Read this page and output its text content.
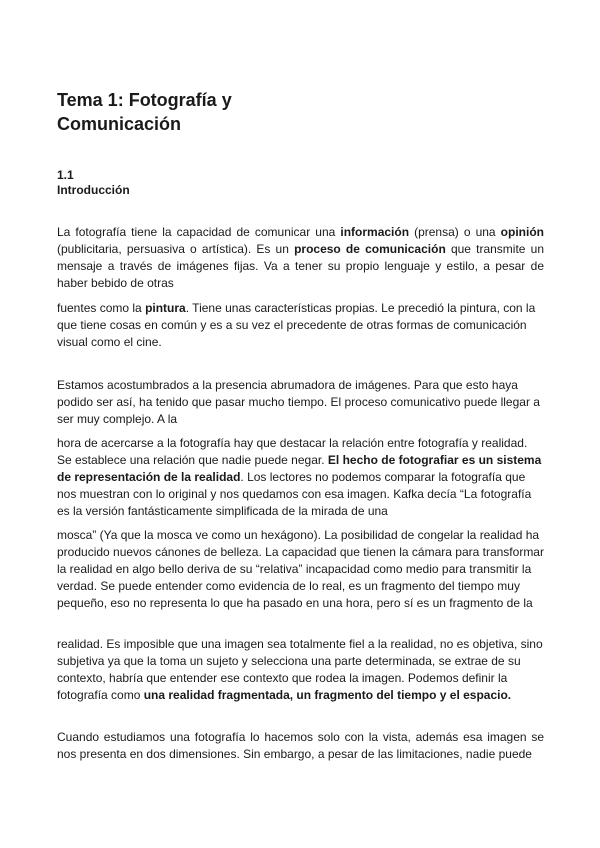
Tema 1: Fotografía y Comunicación
1.1
Introducción

La fotografía tiene la capacidad de comunicar una información (prensa) o una opinión (publicitaria, persuasiva o artística). Es un proceso de comunicación que transmite un mensaje a través de imágenes fijas. Va a tener su propio lenguaje y estilo, a pesar de haber bebido de otras

fuentes como la pintura. Tiene unas características propias. Le precedió la pintura, con la que tiene cosas en común y es a su vez el precedente de otras formas de comunicación visual como el cine.

Estamos acostumbrados a la presencia abrumadora de imágenes. Para que esto haya podido ser así, ha tenido que pasar mucho tiempo. El proceso comunicativo puede llegar a ser muy complejo. A la

hora de acercarse a la fotografía hay que destacar la relación entre fotografía y realidad. Se establece una relación que nadie puede negar. El hecho de fotografiar es un sistema de representación de la realidad. Los lectores no podemos comparar la fotografía que nos muestran con lo original y nos quedamos con esa imagen. Kafka decía “La fotografía es la versión fantásticamente simplificada de la mirada de una

mosca” (Ya que la mosca ve como un hexágono). La posibilidad de congelar la realidad ha producido nuevos cánones de belleza. La capacidad que tienen la cámara para transformar la realidad en algo bello deriva de su “relativa” incapacidad como medio para transmitir la verdad. Se puede entender como evidencia de lo real, es un fragmento del tiempo muy pequeño, eso no representa lo que ha pasado en una hora, pero sí es un fragmento de la

realidad. Es imposible que una imagen sea totalmente fiel a la realidad, no es objetiva, sino subjetiva ya que la toma un sujeto y selecciona una parte determinada, se extrae de su contexto, habría que entender ese contexto que rodea la imagen. Podemos definir la fotografía como una realidad fragmentada, un fragmento del tiempo y el espacio.

Cuando estudiamos una fotografía lo hacemos solo con la vista, además esa imagen se nos presenta en dos dimensiones. Sin embargo, a pesar de las limitaciones, nadie puede
